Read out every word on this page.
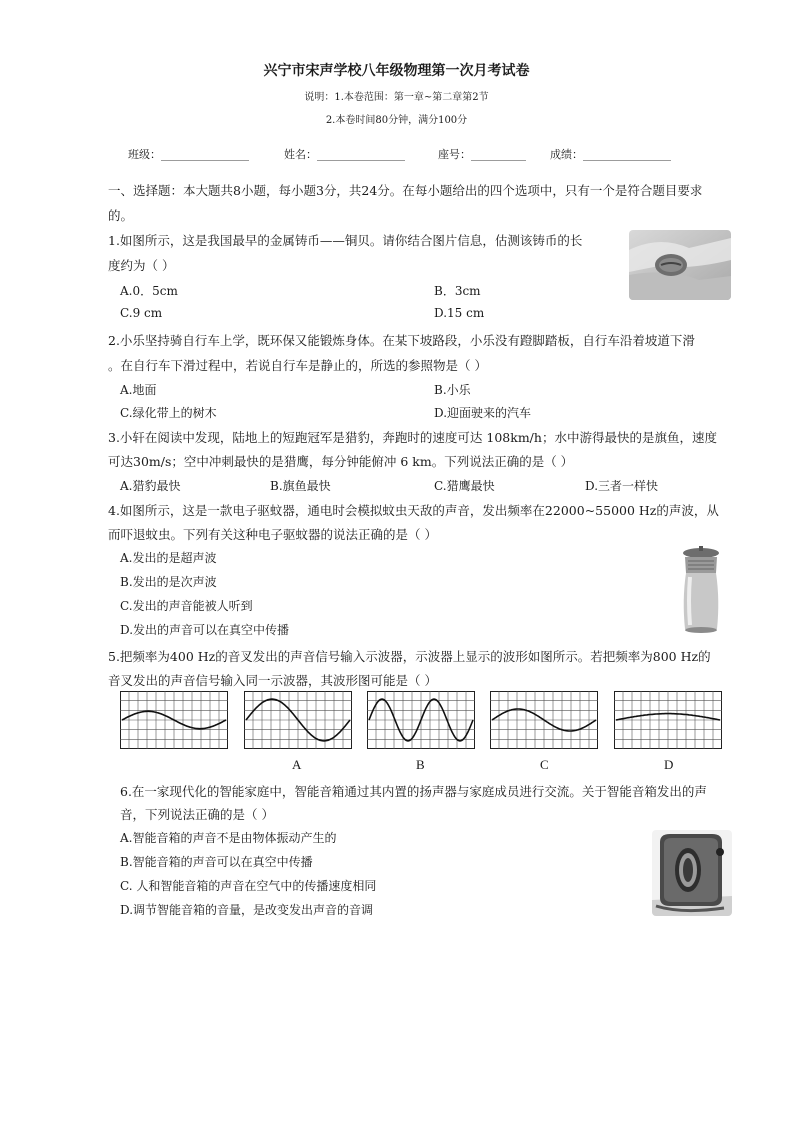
兴宁市宋声学校八年级物理第一次月考试卷
说明：1.本卷范围：第一章~第二章第2节
2.本卷时间80分钟，满分100分
班级：________________	姓名：________________	座号：__________ 成绩：________________
一、选择题：本大题共8小题，每小题3分，共24分。在每小题给出的四个选项中，只有一个是符合题目要求
的。
1.如图所示，这是我国最早的金属铸币——铜贝。请你结合图片信息，估测该铸币的长
度约为（ ）
A.0．5cm	B．3cm
C.9 cm	D.15 cm
2.小乐坚持骑自行车上学，既环保又能锻炼身体。在某下坡路段，小乐没有蹬脚踏板，自行车沿着坡道下滑
。在自行车下滑过程中，若说自行车是静止的，所选的参照物是（ ）
A.地面	B.小乐
C.绿化带上的树木	D.迎面驶来的汽车
3.小轩在阅读中发现，陆地上的短跑冠军是猎豹，奔跑时的速度可达 108km/h；水中游得最快的是旗鱼，速度
可达30m/s；空中冲刺最快的是猎鹰，每分钟能俯冲 6 km。下列说法正确的是（ ）
A.猎豹最快	B.旗鱼最快	C.猎鹰最快	D.三者一样快
4.如图所示，这是一款电子驱蚊器，通电时会模拟蚊虫天敌的声音，发出频率在22000~55000 Hz的声波，从
而吓退蚊虫。下列有关这种电子驱蚊器的说法正确的是（ ）
A.发出的是超声波
B.发出的是次声波
C.发出的声音能被人听到
D.发出的声音可以在真空中传播
5.把频率为400 Hz的音叉发出的声音信号输入示波器，示波器上显示的波形如图所示。若把频率为800 Hz的
音叉发出的声音信号输入同一示波器，其波形图可能是（ ）
A	B	C	D
6.在一家现代化的智能家庭中，智能音箱通过其内置的扬声器与家庭成员进行交流。关于智能音箱发出的声
音，下列说法正确的是（ ）
A.智能音箱的声音不是由物体振动产生的
B.智能音箱的声音可以在真空中传播
C. 人和智能音箱的声音在空气中的传播速度相同
D.调节智能音箱的音量，是改变发出声音的音调
